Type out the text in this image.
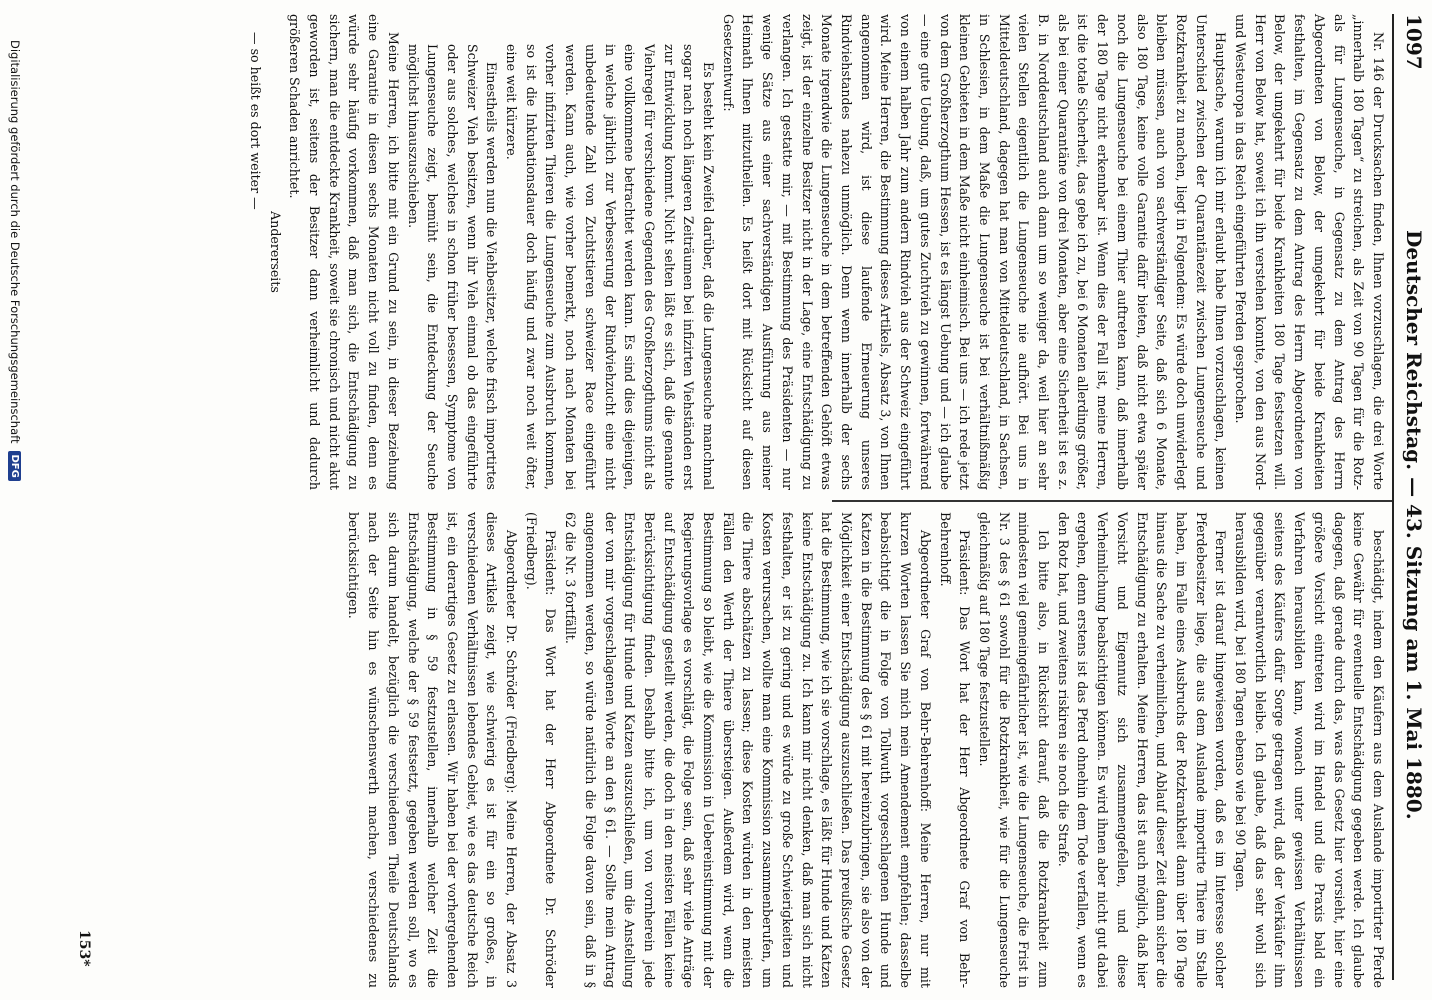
1097
Deutscher Reichstag. — 43. Sitzung am 1. Mai 1880.

Nr. 146 der Drucksachen finden, Ihnen vorzuschlagen, die drei Worte „innerhalb 180 Tagen“ zu streichen, als Zeit von 90 Tagen für die Rotz- als für Lungenseuche, in Gegensatz zu dem Antrag des Herrn Abgeordneten von Below, der umgekehrt für beide Krankheiten festhalten, im Gegensatz zu dem Antrag des Herrn Abgeordneten von Below, der umgekehrt für beide Krankheiten 180 Tage festsetzen will. Herr von Below hat, soweit ich ihn verstehen konnte, von den aus Nord- und Westeuropa in das Reich eingeführten Pferden gesprochen.

Hauptsache, warum ich mir erlaubt habe Ihnen vorzuschlagen, keinen Unterschied zwischen der Quarantänezeit zwischen Lungenseuche und Rotzkrankheit zu machen, liegt in Folgendem: Es würde doch unwiderlegt bleiben müssen, auch von sachverständiger Seite, daß sich 6 Monate, also 180 Tage, keine volle Garantie dafür bieten, daß nicht etwa später noch die Lungenseuche bei einem Thier auftreten kann, daß innerhalb der 180 Tage nicht erkennbar ist. Wenn dies der Fall ist, meine Herren, ist die totale Sicherheit, das gebe ich zu, bei 6 Monaten allerdings größer, als bei einer Quarantäne von drei Monaten, aber eine Sicherheit ist es z. B. in Norddeutschland auch dann um so weniger da, weil hier an sehr vielen Stellen eigentlich die Lungenseuche nie aufhört. Bei uns in Mitteldeutschland, dagegen hat man von Mitteldeutschland, in Sachsen, in Schlesien, in dem Maße die Lungenseuche ist bei verhältnißmäßig kleinen Gebieten in dem Maße nicht einheimisch. Bei uns — ich rede jetzt von dem Großherzogthum Hessen, ist es längst Uebung und — ich glaube — eine gute Uebung, daß, um gutes Zuchtvieh zu gewinnen, fortwährend von einem halben Jahr zum andern Rindvieh aus der Schweiz eingeführt wird. Meine Herren, die Bestimmung dieses Artikels, Absatz 3, von Ihnen angenommen wird, ist diese laufende Erneuerung unseres Rindviehstandes nahezu unmöglich. Denn wenn innerhalb der sechs Monate irgendwie die Lungenseuche in dem betreffenden Gehöft etwas zeigt, ist der einzelne Besitzer nicht in der Lage, eine Entschädigung zu verlangen. Ich gestatte mir, — mit Bestimmung des Präsidenten — nur wenige Sätze aus einer sachverständigen Ausführung aus meiner Heimath Ihnen mitzutheilen. Es heißt dort mit Rücksicht auf diesen Gesetzentwurf:

Es besteht kein Zweifel darüber, daß die Lungenseuche manchmal sogar nach noch längeren Zeiträumen bei infizirten Viehständen erst zur Entwicklung kommt. Nicht selten läßt es sich, daß die genannte Viehregel für verschiedene Gegenden des Großherzogthums nicht als eine vollkommene betrachtet werden kann. Es sind dies diejenigen, in welche jährlich zur Verbesserung der Rindviehzucht eine nicht unbedeutende Zahl von Zuchtstieren schweizer Race eingeführt werden. Kann auch, wie vorher bemerkt, noch nach Monaten bei vorher infizirten Thieren die Lungenseuche zum Ausbruch kommen, so ist die Inkubationsdauer doch häufig und zwar noch weit öfter, eine weit kürzere.

Einestheils werden nun die Viehbesitzer, welche frisch importirtes Schweizer Vieh besitzen, wenn ihr Vieh einmal ob das eingeführte oder aus solches, welches in schon früher besessen, Symptome von Lungenseuche zeigt, bemüht sein, die Entdeckung der Seuche möglichst hinauszuschieben.

Meine Herren, ich bitte mit ein Grund zu sein, in dieser Beziehung eine Garantie in diesen sechs Monaten nicht voll zu finden, denn es würde sehr häufig vorkommen, daß man sich, die Entschädigung zu sichern, man die entdeckte Krankheit, soweit sie chronisch und nicht akut geworden ist, seitens der Besitzer dann verheimlicht und dadurch größeren Schaden anrichtet.

Andererseits

— so heißt es dort weiter —

beschädigt, indem den Käufern aus dem Auslande importirter Pferde keine Gewähr für eventuelle Entschädigung gegeben werde. Ich glaube dagegen, daß gerade durch das, was das Gesetz hier vorsieht, hier eine größere Vorsicht eintreten wird im Handel und die Praxis bald ein Verfahren herausbilden kann, wonach unter gewissen Verhältnissen seitens des Käufers dafür Sorge getragen wird, daß der Verkäufer ihm gegenüber verantwortlich bleibe. Ich glaube, daß das sehr wohl sich herausbilden wird, bei 180 Tagen ebenso wie bei 90 Tagen.

Ferner ist darauf hingewiesen worden, daß es im Interesse solcher Pferdebesitzer liege, die aus dem Auslande importirte Thiere im Stalle haben, im Falle eines Ausbruchs der Rotzkrankheit dann über 180 Tage hinaus die Sache zu verheimlichen, und Ablauf dieser Zeit dann sicher die Entschädigung zu erhalten. Meine Herren, das ist auch möglich, daß hier Vorsicht und Eigennutz sich zusammengefellen, und diese Verheimlichung beabsichtigen können. Es wird ihnen aber nicht gut dabei ergehen, denn erstens ist das Pferd ohnehin dem Tode verfallen, wenn es den Rotz hat, und zweitens riskiren sie noch die Strafe.

Ich bitte also, in Rücksicht darauf, daß die Rotzkrankheit zum mindesten viel gemeingefährlicher ist, wie die Lungenseuche, die Frist in Nr. 3 des § 61 sowohl für die Rotzkrankheit, wie für die Lungenseuche gleichmäßig auf 180 Tage festzustellen.

Präsident: Das Wort hat der Herr Abgeordnete Graf von Behr-Behrenhoff.

Abgeordneter Graf von Behr-Behrenhoff: Meine Herren, nur mit kurzen Worten lassen Sie mich mein Amendement empfehlen; dasselbe beabsichtigt die in Folge von Tollwuth vorgeschlagenen Hunde und Katzen in die Bestimmung des § 61 mit hereinzubringen, sie also von der Möglichkeit einer Entschädigung auszuschließen. Das preußische Gesetz hat die Bestimmung, wie ich sie vorschlage, es läßt für Hunde und Katzen keine Entschädigung zu. Ich kann mir nicht denken, daß man sich nicht festhalten, er ist zu gering und es würde zu große Schwierigkeiten und Kosten verursachen, wollte man eine Kommission zusammenberufen, um die Thiere abschätzen zu lassen; diese Kosten würden in den meisten Fällen den Werth der Thiere übersteigen. Außerdem wird, wenn die Bestimmung so bleibt, wie die Kommission in Uebereinstimmung mit der Regierungsvorlage es vorschlägt, die Folge sein, daß sehr viele Anträge auf Entschädigung gestellt werden, die doch in den meisten Fällen keine Berücksichtigung finden. Deshalb bitte ich, um von vornherein jede Entschädigung für Hunde und Katzen auszuschließen, um die Anstellung der von mir vorgeschlagenen Worte an den § 61. — Sollte mein Antrag angenommen werden, so würde natürlich die Folge davon sein, daß in § 62 die Nr. 3 fortfällt.

Präsident: Das Wort hat der Herr Abgeordnete Dr. Schröder (Friedberg).

Abgeordneter Dr. Schröder (Friedberg): Meine Herren, der Absatz 3 dieses Artikels zeigt, wie schwierig es ist für ein so großes, in verschiedenen Verhältnissen lebendes Gebiet, wie es das deutsche Reich ist, ein derartiges Gesetz zu erlassen. Wir haben bei der vorhergehenden Bestimmung in § 59 festzustellen, innerhalb welcher Zeit die Entschädigung, welche der § 59 festsetzt, gegeben werden soll, wo es sich darum handelt, bezüglich die verschiedenen Theile Deutschlands nach der Seite hin es wünschenswerth machen, verschiedenes zu berücksichtigen.

153*
Digitalisierung gefördert durch die Deutsche Forschungsgemeinschaft
DFG
